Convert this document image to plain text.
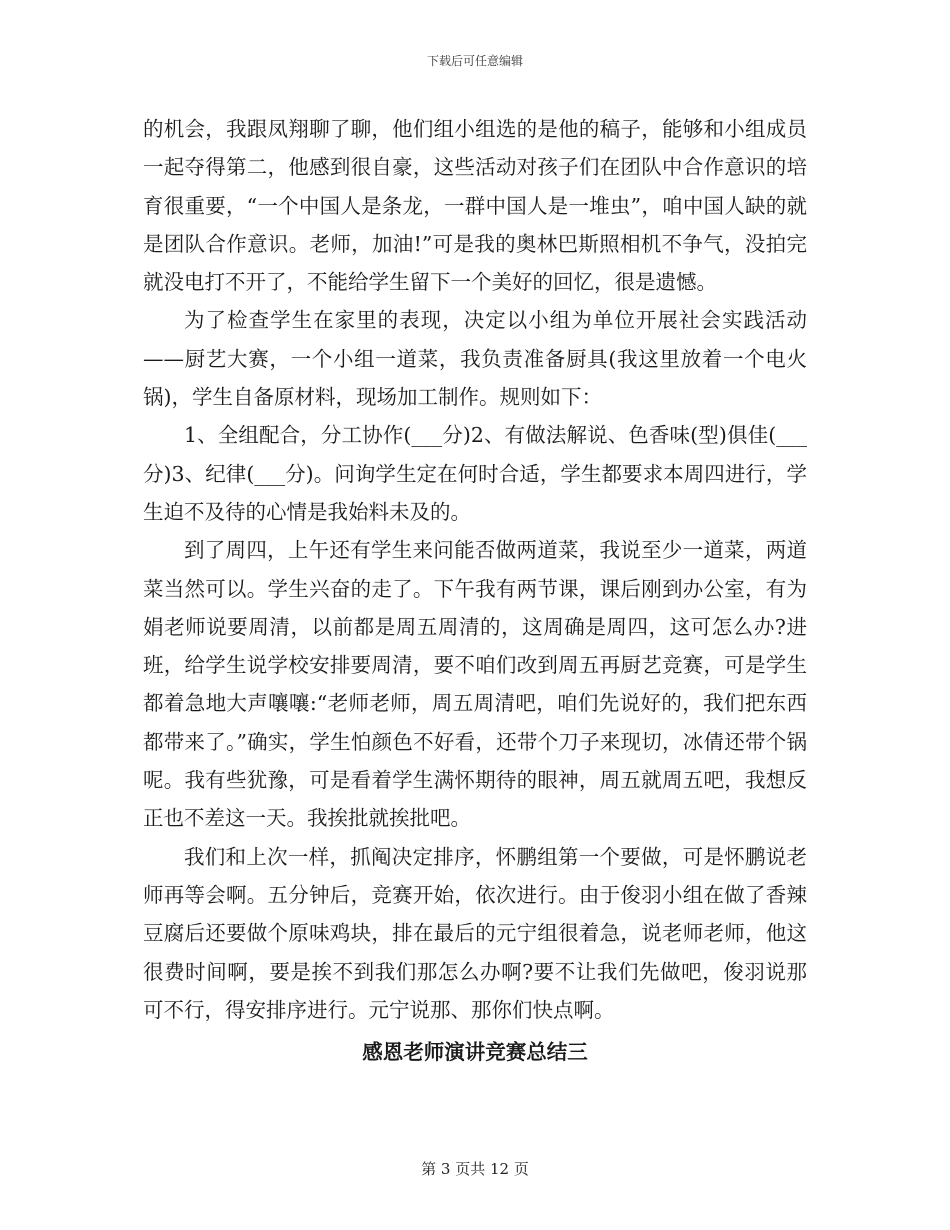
下载后可任意编辑

的机会，我跟凤翔聊了聊，他们组小组选的是他的稿子，能够和小组成员一起夺得第二，他感到很自豪，这些活动对孩子们在团队中合作意识的培育很重要，“一个中国人是条龙，一群中国人是一堆虫”，咱中国人缺的就是团队合作意识。老师，加油!”可是我的奥林巴斯照相机不争气，没拍完就没电打不开了，不能给学生留下一个美好的回忆，很是遗憾。

为了检查学生在家里的表现，决定以小组为单位开展社会实践活动——厨艺大赛，一个小组一道菜，我负责准备厨具(我这里放着一个电火锅)，学生自备原材料，现场加工制作。规则如下：

1、全组配合，分工协作(___分)2、有做法解说、色香味(型)俱佳(___分)3、纪律(___分)。问询学生定在何时合适，学生都要求本周四进行，学生迫不及待的心情是我始料未及的。

到了周四，上午还有学生来问能否做两道菜，我说至少一道菜，两道菜当然可以。学生兴奋的走了。下午我有两节课，课后刚到办公室，有为娟老师说要周清，以前都是周五周清的，这周确是周四，这可怎么办?进班，给学生说学校安排要周清，要不咱们改到周五再厨艺竞赛，可是学生都着急地大声嚷嚷:“老师老师，周五周清吧，咱们先说好的，我们把东西都带来了。”确实，学生怕颜色不好看，还带个刀子来现切，冰倩还带个锅呢。我有些犹豫，可是看着学生满怀期待的眼神，周五就周五吧，我想反正也不差这一天。我挨批就挨批吧。

我们和上次一样，抓阄决定排序，怀鹏组第一个要做，可是怀鹏说老师再等会啊。五分钟后，竞赛开始，依次进行。由于俊羽小组在做了香辣豆腐后还要做个原味鸡块，排在最后的元宁组很着急，说老师老师，他这很费时间啊，要是挨不到我们那怎么办啊?要不让我们先做吧，俊羽说那可不行，得安排序进行。元宁说那、那你们快点啊。

感恩老师演讲竞赛总结三
第 3 页共 12 页
